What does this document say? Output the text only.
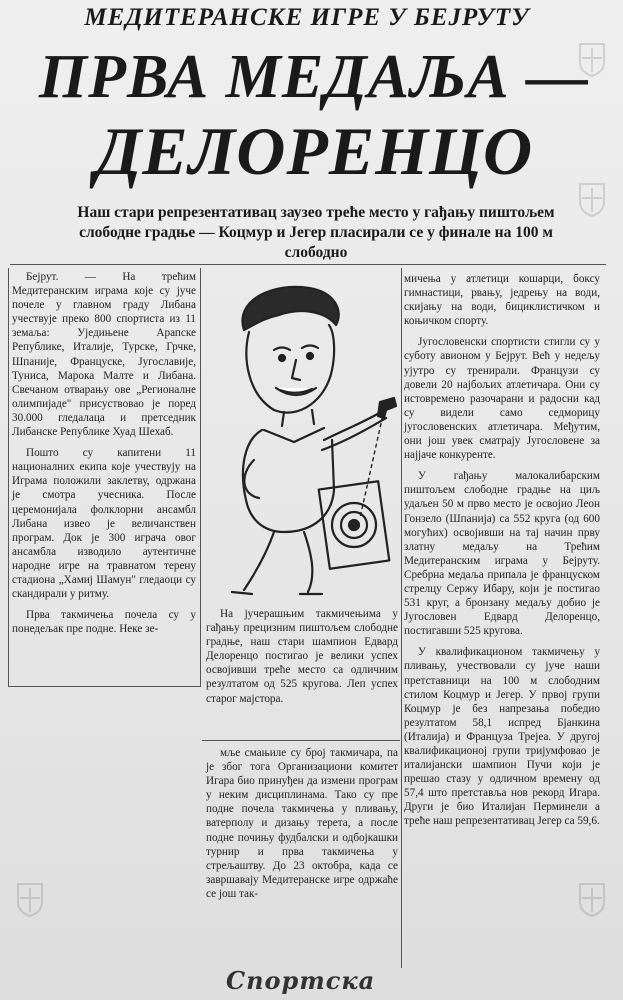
МЕДИТЕРАНСКЕ ИГРЕ У БЕЈРУТУ
ПРВА МЕДАЉА —
ДЕЛОРЕНЦО
Наш стари репрезентативац заузео треће место у гађању пиштољем слободне градње — Коцмур и Јегер пласирали се у финале на 100 м слободно

Бејрут. — На трећим Медитеранским играма које су јуче почеле у главном граду Либана учествује преко 800 спортиста из 11 земаља: Уједињене Арапске Републике, Италије, Турске, Грчке, Шпаније, Француске, Југославије, Туниса, Марока Малте и Либана. Свечаном отварању ове „Регионалне олимпијаде" присуствовао је поред 30.000 гледалаца и претседник Либанске Републике Хуад Шехаб.

Пошто су капитени 11 националних екипа које учествују на Играма положили заклетву, одржана је смотра учесника. После церемонијала фолклорни ансамбл Либана извео је величанствен програм. Док је 300 играча овог ансамбла изводило аутентичне народне игре на травнатом терену стадиона „Хамиј Шамун" гледаоци су скандирали у ритму.

Прва такмичења почела су у понедељак пре подне. Неке зе-

На јучерашњим такмичењима у гађању прецизним пиштољем слободне градње, наш стари шампион Едвард Делоренцо постигао је велики успех освојивши треће место са одличним резултатом од 525 кругова. Леп успех старог мајстора.

мље смањиле су број такмичара, па је због тога Организациони комитет Игара био принуђен да измени програм у неким дисциплинама. Тако су пре подне почела такмичења у пливању, ватерполу и дизању терета, а после подне почињу фудбалски и одбојкашки турнир и прва такмичења у стрељаштву. До 23 октобра, када се завршавају Медитеранске игре одржаће се још так-

мичења у атлетици кошарци, боксу гимнастици, рвању, једрењу на води, скијању на води, бициклистичком и коњичком спорту.

Југословенски спортисти стигли су у суботу авионом у Бејрут. Већ у недељу ујутро су тренирали. Французи су довели 20 најбољих атлетичара. Они су истовремено разочарани и радосни кад су видели само седморицу југословенских атлетичара. Међутим, они још увек сматрају Југословене за најјаче конкуренте.

У гађању малокалибарским пиштољем слободне градње на циљ удаљен 50 м прво место је освојио Леон Гонзело (Шпанија) са 552 круга (од 600 могућих) освојивши на тај начин прву златну медаљу на Трећим Медитеранским играма у Бејруту. Сребрна медаља припала је француском стрелцу Сержу Ибару, који је постигао 531 круг, а бронзану медаљу добио је Југословен Едвард Делоренцо, постигавши 525 кругова.

У квалификационом такмичењу у пливању, учествовали су јуче наши претставници на 100 м слободним стилом Коцмур и Јегер. У првој групи Коцмур је без напрезања победио резултатом 58,1 испред Бјанкина (Италија) и Француза Трејеа. У другој квалификационој групи тријумфовао је италијански шампион Пучи који је прешао стазу у одличном времену од 57,4 што претставља нов рекорд Игара. Други је био Италијан Перминели а треће наш репрезентативац Јегер са 59,6.

Спортска
